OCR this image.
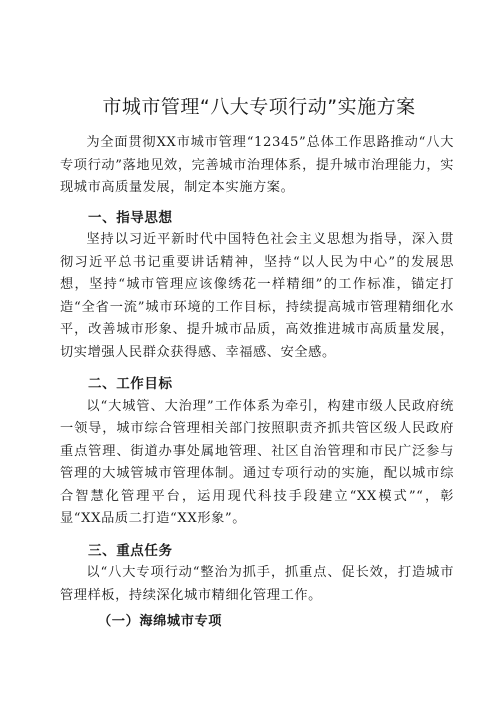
市城市管理“八大专项行动”实施方案

为全面贯彻XX市城市管理“12345”总体工作思路推动“八大专项行动”落地见效，完善城市治理体系，提升城市治理能力，实现城市高质量发展，制定本实施方案。

一、指导思想

坚持以习近平新时代中国特色社会主义思想为指导，深入贯彻习近平总书记重要讲话精神，坚持“以人民为中心”的发展思想，坚持“城市管理应该像绣花一样精细”的工作标准，锚定打造“全省一流”城市环境的工作目标，持续提高城市管理精细化水平，改善城市形象、提升城市品质，高效推进城市高质量发展，切实增强人民群众获得感、幸福感、安全感。

二、工作目标

以“大城管、大治理”工作体系为牵引，构建市级人民政府统一领导，城市综合管理相关部门按照职责齐抓共管区级人民政府重点管理、街道办事处属地管理、社区自治管理和市民广泛参与管理的大城管城市管理体制。通过专项行动的实施，配以城市综合智慧化管理平台，运用现代科技手段建立“XX模式”“，彰显“XX品质二打造“XX形象”。

三、重点任务

以“八大专项行动“整治为抓手，抓重点、促长效，打造城市管理样板，持续深化城市精细化管理工作。

（一）海绵城市专项
